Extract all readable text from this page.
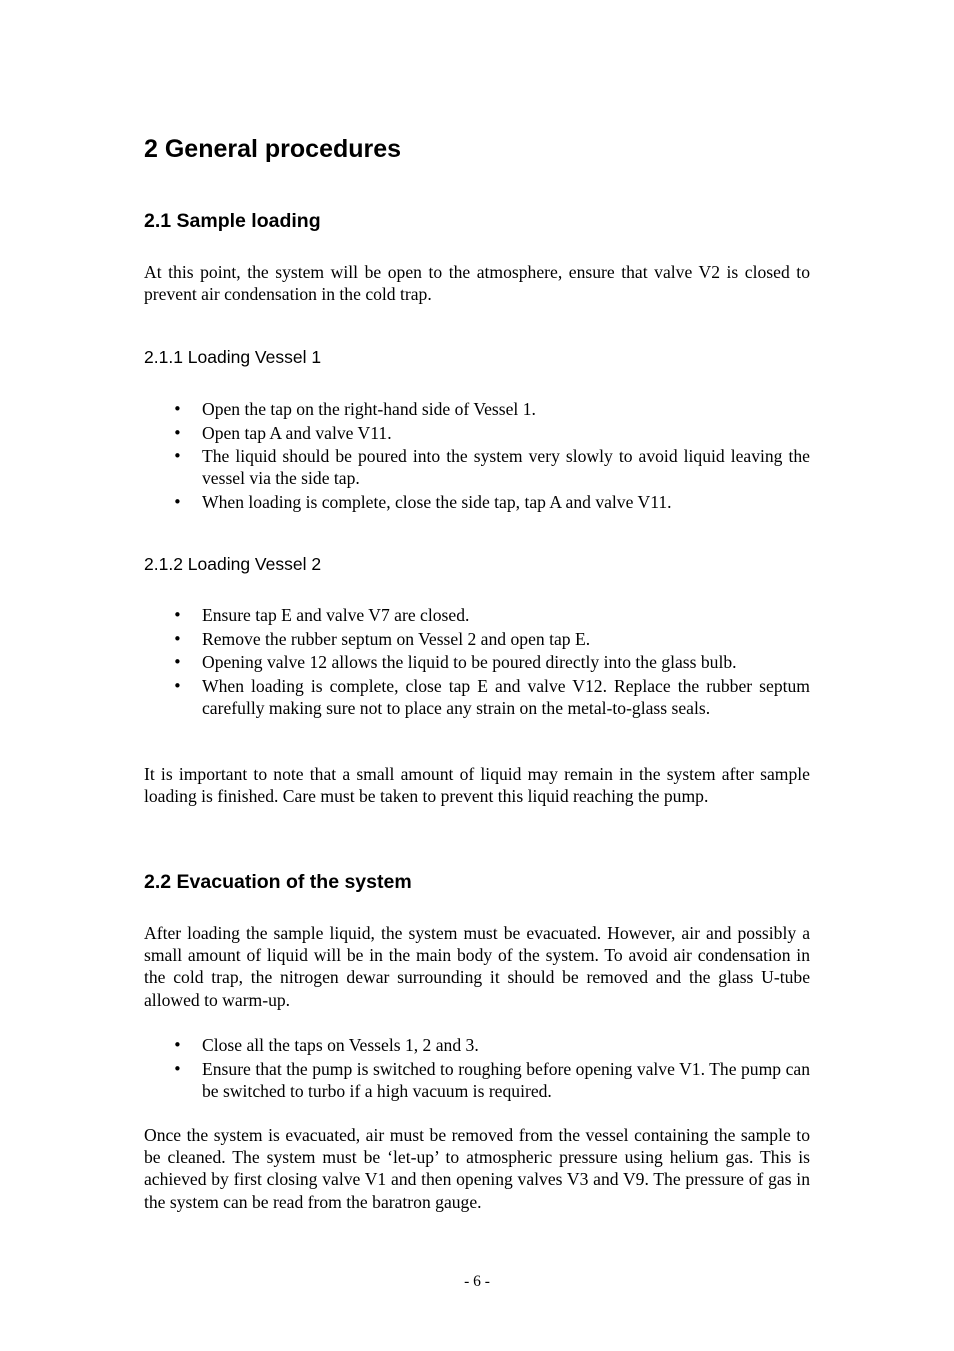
2 General procedures
2.1 Sample loading

At this point, the system will be open to the atmosphere, ensure that valve V2 is closed to prevent air condensation in the cold trap.

2.1.1 Loading Vessel 1
• Open the tap on the right-hand side of Vessel 1.
• Open tap A and valve V11.
• The liquid should be poured into the system very slowly to avoid liquid leaving the vessel via the side tap.
• When loading is complete, close the side tap, tap A and valve V11.
2.1.2 Loading Vessel 2
• Ensure tap E and valve V7 are closed.
• Remove the rubber septum on Vessel 2 and open tap E.
• Opening valve 12 allows the liquid to be poured directly into the glass bulb.
• When loading is complete, close tap E and valve V12. Replace the rubber septum carefully making sure not to place any strain on the metal-to-glass seals.

It is important to note that a small amount of liquid may remain in the system after sample loading is finished. Care must be taken to prevent this liquid reaching the pump.

2.2 Evacuation of the system

After loading the sample liquid, the system must be evacuated. However, air and possibly a small amount of liquid will be in the main body of the system. To avoid air condensation in the cold trap, the nitrogen dewar surrounding it should be removed and the glass U-tube allowed to warm-up.

• Close all the taps on Vessels 1, 2 and 3.
• Ensure that the pump is switched to roughing before opening valve V1. The pump can be switched to turbo if a high vacuum is required.

Once the system is evacuated, air must be removed from the vessel containing the sample to be cleaned. The system must be ‘let-up’ to atmospheric pressure using helium gas. This is achieved by first closing valve V1 and then opening valves V3 and V9. The pressure of gas in the system can be read from the baratron gauge.

- 6 -
